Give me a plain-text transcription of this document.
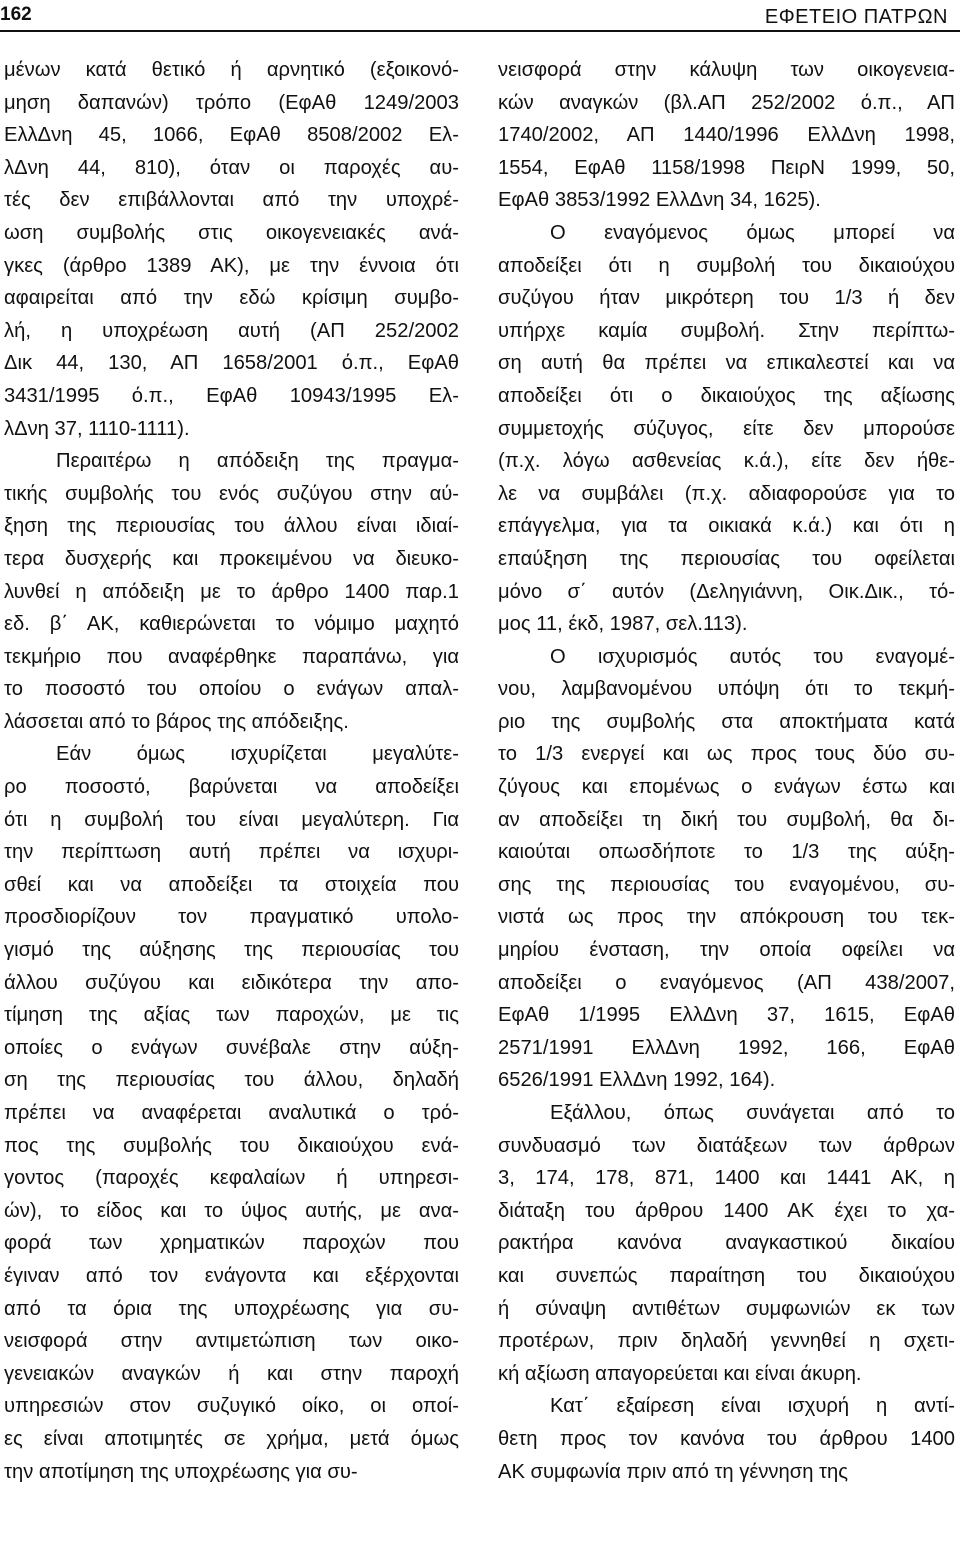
162	ΕΦΕΤΕΙΟ ΠΑΤΡΩΝ
μένων κατά θετικό ή αρνητικό (εξοικονό-
μηση δαπανών) τρόπο (ΕφΑθ 1249/2003
ΕλλΔνη 45, 1066, ΕφΑθ 8508/2002 Ελ-
λΔνη 44, 810), όταν οι παροχές αυ-
τές δεν επιβάλλονται από την υποχρέ-
ωση συμβολής στις οικογενειακές ανά-
γκες (άρθρο 1389 ΑΚ), με την έννοια ότι
αφαιρείται από την εδώ κρίσιμη συμβο-
λή, η υποχρέωση αυτή (ΑΠ 252/2002
Δικ 44, 130, ΑΠ 1658/2001 ό.π., ΕφΑθ
3431/1995 ό.π., ΕφΑθ 10943/1995 Ελ-
λΔνη 37, 1110-1111).
Περαιτέρω η απόδειξη της πραγμα-
τικής συμβολής του ενός συζύγου στην αύ-
ξηση της περιουσίας του άλλου είναι ιδιαί-
τερα δυσχερής και προκειμένου να διευκο-
λυνθεί η απόδειξη με το άρθρο 1400 παρ.1
εδ. β΄ ΑΚ, καθιερώνεται το νόμιμο μαχητό
τεκμήριο που αναφέρθηκε παραπάνω, για
το ποσοστό του οποίου ο ενάγων απαλ-
λάσσεται από το βάρος της απόδειξης.
Εάν όμως ισχυρίζεται μεγαλύτε-
ρο ποσοστό, βαρύνεται να αποδείξει
ότι η συμβολή του είναι μεγαλύτερη. Για
την περίπτωση αυτή πρέπει να ισχυρι-
σθεί και να αποδείξει τα στοιχεία που
προσδιορίζουν τον πραγματικό υπολο-
γισμό της αύξησης της περιουσίας του
άλλου συζύγου και ειδικότερα την απο-
τίμηση της αξίας των παροχών, με τις
οποίες ο ενάγων συνέβαλε στην αύξη-
ση της περιουσίας του άλλου, δηλαδή
πρέπει να αναφέρεται αναλυτικά ο τρό-
πος της συμβολής του δικαιούχου ενά-
γοντος (παροχές κεφαλαίων ή υπηρεσι-
ών), το είδος και το ύψος αυτής, με ανα-
φορά των χρηματικών παροχών που
έγιναν από τον ενάγοντα και εξέρχονται
από τα όρια της υποχρέωσης για συ-
νεισφορά στην αντιμετώπιση των οικο-
γενειακών αναγκών ή και στην παροχή
υπηρεσιών στον συζυγικό οίκο, οι οποί-
ες είναι αποτιμητές σε χρήμα, μετά όμως
την αποτίμηση της υποχρέωσης για συ-
νεισφορά στην κάλυψη των οικογενεια-
κών αναγκών (βλ.ΑΠ 252/2002 ό.π., ΑΠ
1740/2002, ΑΠ 1440/1996 ΕλλΔνη 1998,
1554, ΕφΑθ 1158/1998 ΠειρΝ 1999, 50,
ΕφΑθ 3853/1992 ΕλλΔνη 34, 1625).
Ο εναγόμενος όμως μπορεί να
αποδείξει ότι η συμβολή του δικαιούχου
συζύγου ήταν μικρότερη του 1/3 ή δεν
υπήρχε καμία συμβολή. Στην περίπτω-
ση αυτή θα πρέπει να επικαλεστεί και να
αποδείξει ότι ο δικαιούχος της αξίωσης
συμμετοχής σύζυγος, είτε δεν μπορούσε
(π.χ. λόγω ασθενείας κ.ά.), είτε δεν ήθε-
λε να συμβάλει (π.χ. αδιαφορούσε για το
επάγγελμα, για τα οικιακά κ.ά.) και ότι η
επαύξηση της περιουσίας του οφείλεται
μόνο σ΄ αυτόν (Δεληγιάννη, Οικ.Δικ., τό-
μος 11, έκδ, 1987, σελ.113).
Ο ισχυρισμός αυτός του εναγομέ-
νου, λαμβανομένου υπόψη ότι το τεκμή-
ριο της συμβολής στα αποκτήματα κατά
το 1/3 ενεργεί και ως προς τους δύο συ-
ζύγους και επομένως ο ενάγων έστω και
αν αποδείξει τη δική του συμβολή, θα δι-
καιούται οπωσδήποτε το 1/3 της αύξη-
σης της περιουσίας του εναγομένου, συ-
νιστά ως προς την απόκρουση του τεκ-
μηρίου ένσταση, την οποία οφείλει να
αποδείξει ο εναγόμενος (ΑΠ 438/2007,
ΕφΑθ 1/1995 ΕλλΔνη 37, 1615, ΕφΑθ
2571/1991 ΕλλΔνη 1992, 166, ΕφΑθ
6526/1991 ΕλλΔνη 1992, 164).
Εξάλλου, όπως συνάγεται από το
συνδυασμό των διατάξεων των άρθρων
3, 174, 178, 871, 1400 και 1441 ΑΚ, η
διάταξη του άρθρου 1400 ΑΚ έχει το χα-
ρακτήρα κανόνα αναγκαστικού δικαίου
και συνεπώς παραίτηση του δικαιούχου
ή σύναψη αντιθέτων συμφωνιών εκ των
προτέρων, πριν δηλαδή γεννηθεί η σχετι-
κή αξίωση απαγορεύεται και είναι άκυρη.
Κατ΄ εξαίρεση είναι ισχυρή η αντί-
θετη προς τον κανόνα του άρθρου 1400
ΑΚ συμφωνία πριν από τη γέννηση της
